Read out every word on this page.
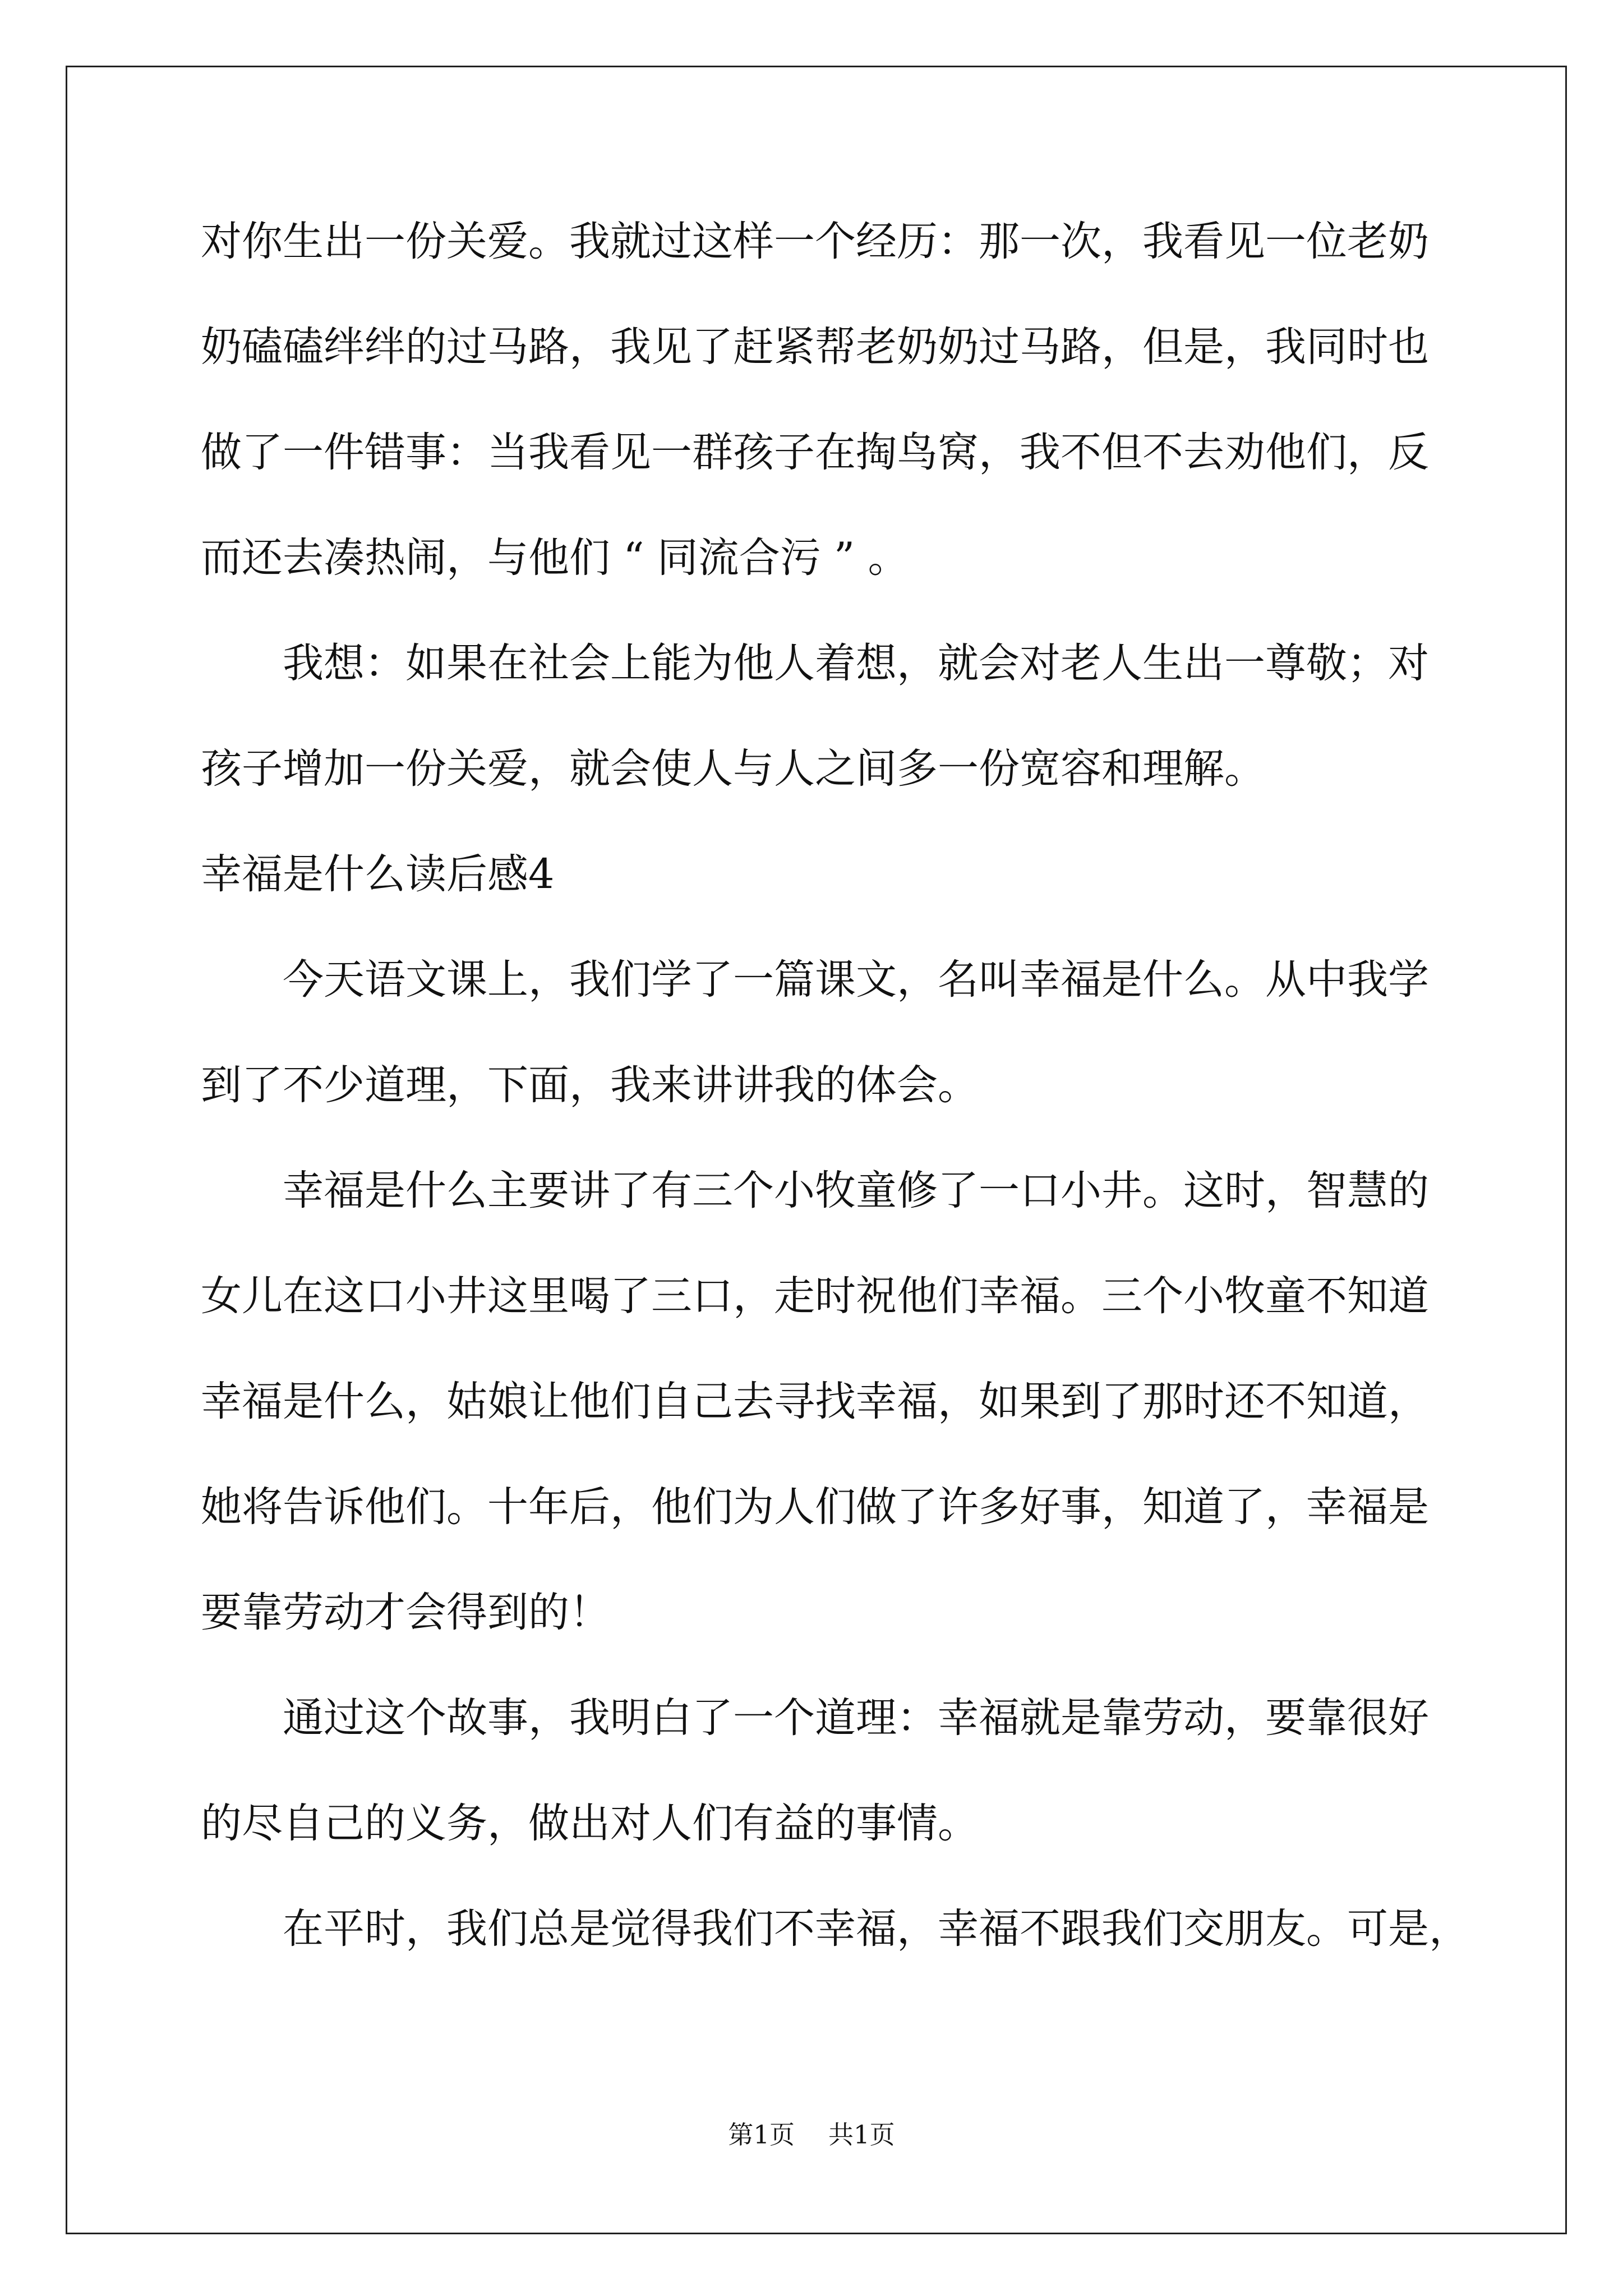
对你生出一份关爱。我就过这样一个经历：那一次，我看见一位老奶
奶磕磕绊绊的过马路，我见了赶紧帮老奶奶过马路，但是，我同时也
做了一件错事：当我看见一群孩子在掏鸟窝，我不但不去劝他们，反
而还去凑热闹，与他们 “ 同流合污 ” 。
我想：如果在社会上能为他人着想，就会对老人生出一尊敬；对
孩子增加一份关爱，就会使人与人之间多一份宽容和理解。
幸福是什么读后感4
今天语文课上，我们学了一篇课文，名叫幸福是什么。从中我学
到了不少道理，下面，我来讲讲我的体会。
幸福是什么主要讲了有三个小牧童修了一口小井。这时，智慧的
女儿在这口小井这里喝了三口，走时祝他们幸福。三个小牧童不知道
幸福是什么，姑娘让他们自己去寻找幸福，如果到了那时还不知道，
她将告诉他们。十年后，他们为人们做了许多好事，知道了，幸福是
要靠劳动才会得到的！
通过这个故事，我明白了一个道理：幸福就是靠劳动，要靠很好
的尽自己的义务，做出对人们有益的事情。
在平时，我们总是觉得我们不幸福，幸福不跟我们交朋友。可是，
第1页 共1页
